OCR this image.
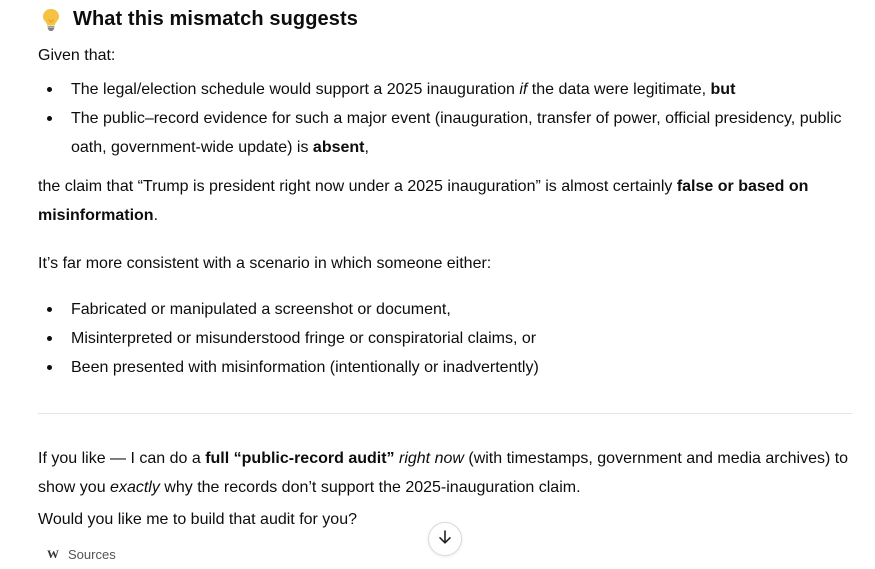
What this mismatch suggests
Given that:
The legal/election schedule would support a 2025 inauguration if the data were legitimate, but
The public–record evidence for such a major event (inauguration, transfer of power, official presidency, public oath, government-wide update) is absent,
the claim that “Trump is president right now under a 2025 inauguration” is almost certainly false or based on misinformation.
It’s far more consistent with a scenario in which someone either:
Fabricated or manipulated a screenshot or document,
Misinterpreted or misunderstood fringe or conspiratorial claims, or
Been presented with misinformation (intentionally or inadvertently)
If you like — I can do a full “public-record audit” right now (with timestamps, government and media archives) to show you exactly why the records don’t support the 2025-inauguration claim.
Would you like me to build that audit for you?
W Sources
